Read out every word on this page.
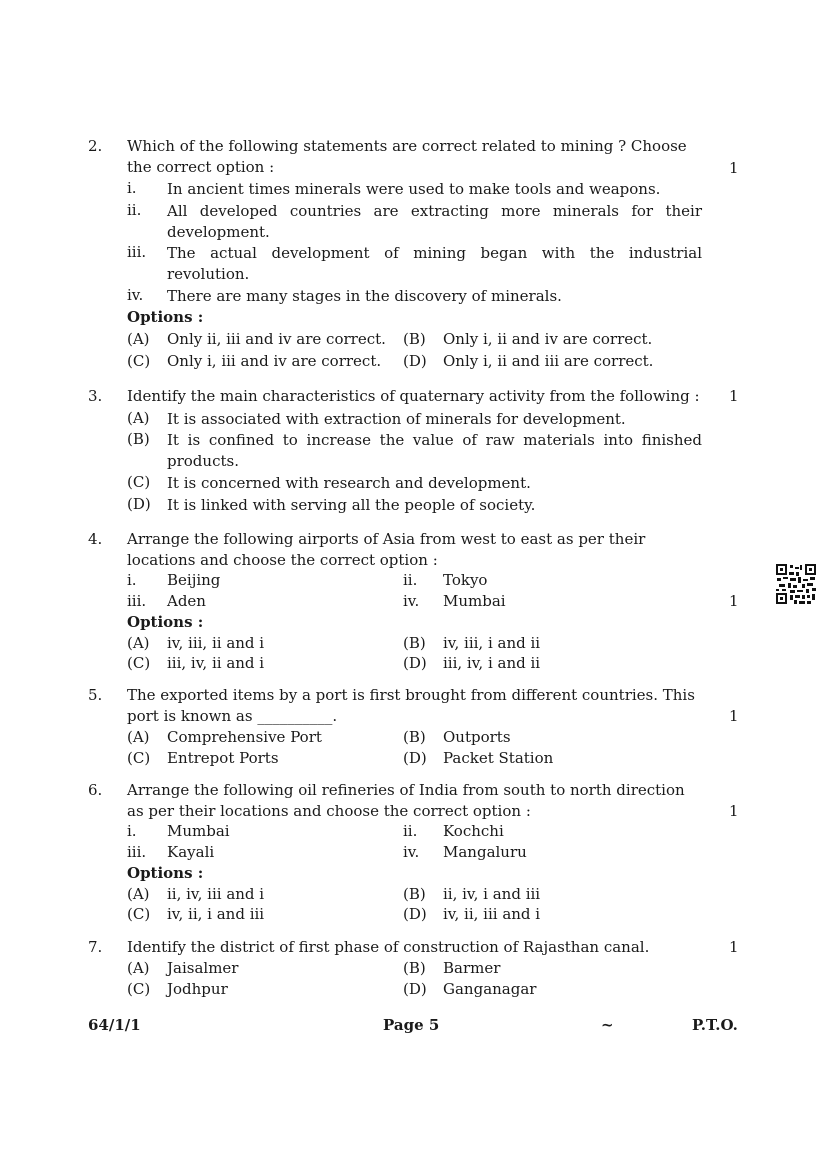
2. Which of the following statements are correct related to mining ? Choose
the correct option :	1
i. In ancient times minerals were used to make tools and weapons.
ii. All developed countries are extracting more minerals for their development.
iii. The actual development of mining began with the industrial revolution.
iv. There are many stages in the discovery of minerals.
Options :
(A) Only ii, iii and iv are correct. (B) Only i, ii and iv are correct.
(C) Only i, iii and iv are correct. (D) Only i, ii and iii are correct.
3. Identify the main characteristics of quaternary activity from the following : 1
(A) It is associated with extraction of minerals for development.
(B) It is confined to increase the value of raw materials into finished products.
(C) It is concerned with research and development.
(D) It is linked with serving all the people of society.
4. Arrange the following airports of Asia from west to east as per their
locations and choose the correct option :
i. Beijing	ii. Tokyo
iii. Aden	iv. Mumbai	1
Options :
(A) iv, iii, ii and i	(B) iv, iii, i and ii
(C) iii, iv, ii and i	(D) iii, iv, i and ii
5. The exported items by a port is first brought from different countries. This
port is known as __________.	1
(A) Comprehensive Port	(B) Outports
(C) Entrepot Ports	(D) Packet Station
6. Arrange the following oil refineries of India from south to north direction
as per their locations and choose the correct option :	1
i. Mumbai	ii. Kochchi
iii. Kayali	iv. Mangaluru
Options :
(A) ii, iv, iii and i	(B) ii, iv, i and iii
(C) iv, ii, i and iii	(D) iv, ii, iii and i
7. Identify the district of first phase of construction of Rajasthan canal.	1
(A) Jaisalmer	(B) Barmer
(C) Jodhpur	(D) Ganganagar
64/1/1	Page 5	~	P.T.O.
